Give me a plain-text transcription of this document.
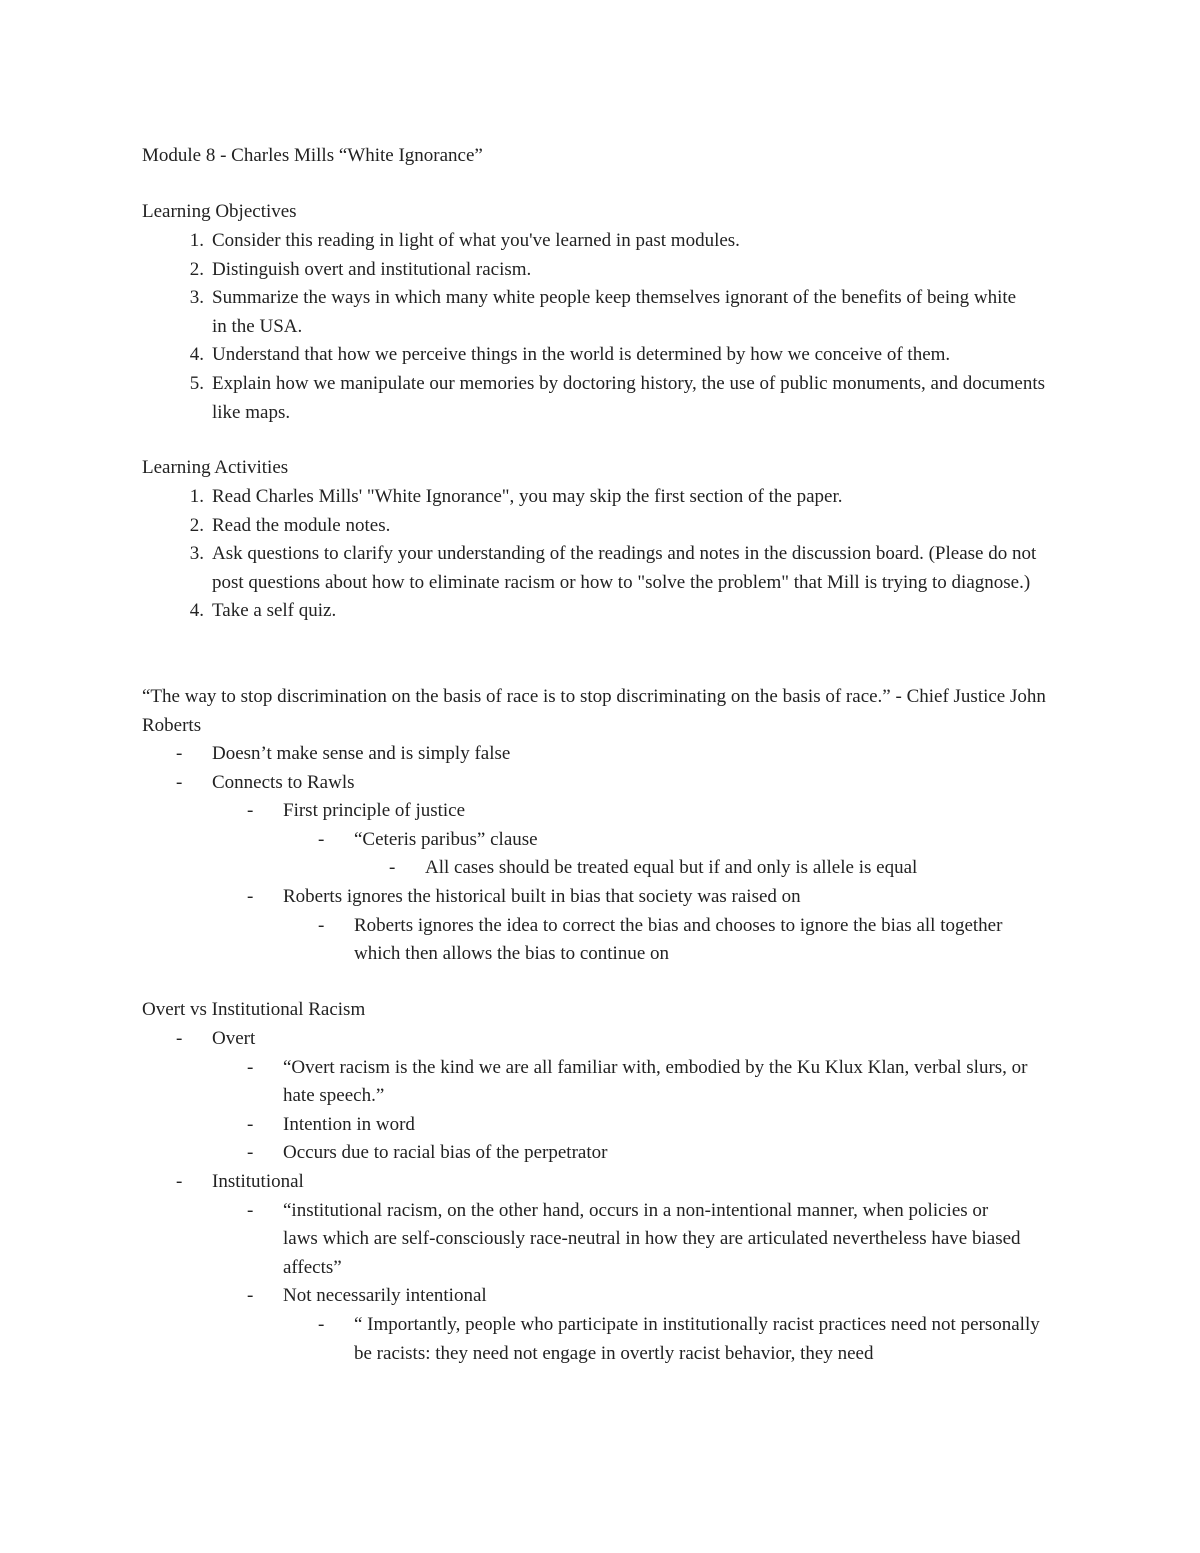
Module 8 - Charles Mills “White Ignorance”
Learning Objectives
1. Consider this reading in light of what you've learned in past modules.
2. Distinguish overt and institutional racism.
3. Summarize the ways in which many white people keep themselves ignorant of the benefits of being white in the USA.
4. Understand that how we perceive things in the world is determined by how we conceive of them.
5. Explain how we manipulate our memories by doctoring history, the use of public monuments, and documents like maps.
Learning Activities
1. Read Charles Mills' "White Ignorance", you may skip the first section of the paper.
2. Read the module notes.
3. Ask questions to clarify your understanding of the readings and notes in the discussion board. (Please do not post questions about how to eliminate racism or how to "solve the problem" that Mill is trying to diagnose.)
4. Take a self quiz.
“The way to stop discrimination on the basis of race is to stop discriminating on the basis of race.” - Chief Justice John Roberts
- Doesn’t make sense and is simply false
- Connects to Rawls
- First principle of justice
- “Ceteris paribus” clause
- All cases should be treated equal but if and only is allele is equal
- Roberts ignores the historical built in bias that society was raised on
- Roberts ignores the idea to correct the bias and chooses to ignore the bias all together which then allows the bias to continue on
Overt vs Institutional Racism
- Overt
- “Overt racism is the kind we are all familiar with, embodied by the Ku Klux Klan, verbal slurs, or hate speech.”
- Intention in word
- Occurs due to racial bias of the perpetrator
- Institutional
- “institutional racism, on the other hand, occurs in a non-intentional manner, when policies or laws which are self-consciously race-neutral in how they are articulated nevertheless have biased affects”
- Not necessarily intentional
- “ Importantly, people who participate in institutionally racist practices need not personally be racists: they need not engage in overtly racist behavior, they need
